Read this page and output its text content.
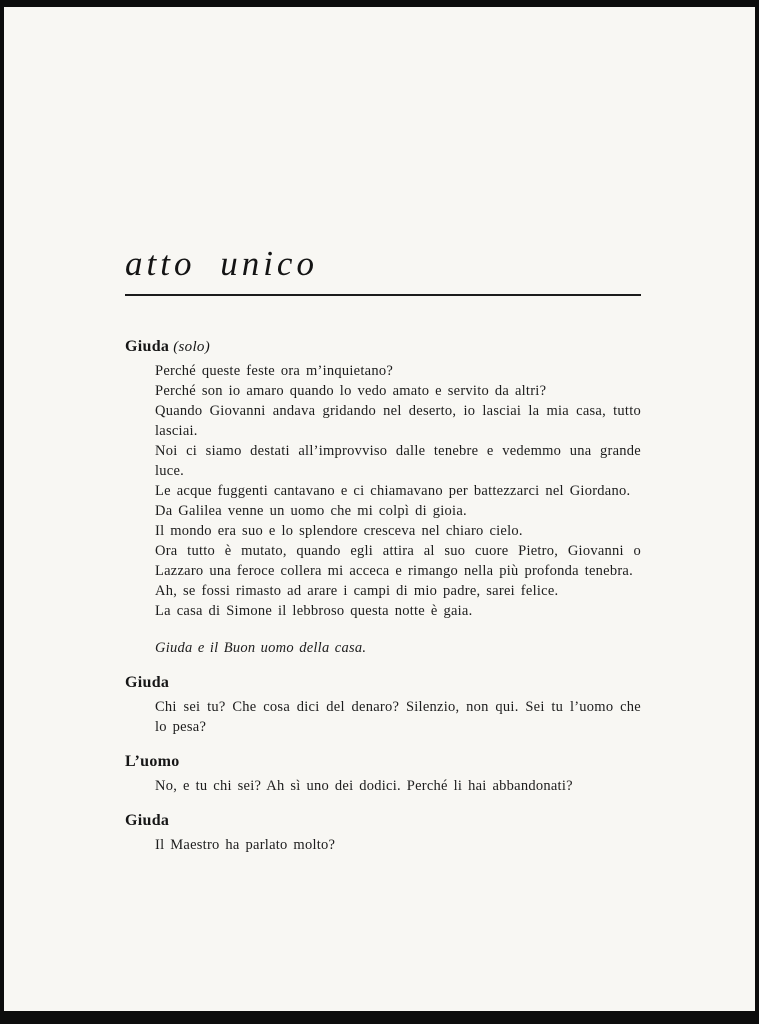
atto unico
Giuda (solo)

Perché queste feste ora m’inquietano?

Perché son io amaro quando lo vedo amato e servito da altri?

Quando Giovanni andava gridando nel deserto, io lasciai la mia casa, tutto lasciai.

Noi ci siamo destati all’improvviso dalle tenebre e vedemmo una grande luce.

Le acque fuggenti cantavano e ci chiamavano per battezzarci nel Giordano.

Da Galilea venne un uomo che mi colpì di gioia.

Il mondo era suo e lo splendore cresceva nel chiaro cielo.

Ora tutto è mutato, quando egli attira al suo cuore Pietro, Giovanni o Lazzaro una feroce collera mi acceca e rimango nella più profonda tenebra.

Ah, se fossi rimasto ad arare i campi di mio padre, sarei felice.

La casa di Simone il lebbroso questa notte è gaia.

Giuda e il Buon uomo della casa.

Giuda

Chi sei tu? Che cosa dici del denaro? Silenzio, non qui. Sei tu l’uomo che lo pesa?

L’uomo

No, e tu chi sei? Ah sì uno dei dodici. Perché li hai abbandonati?

Giuda

Il Maestro ha parlato molto?
